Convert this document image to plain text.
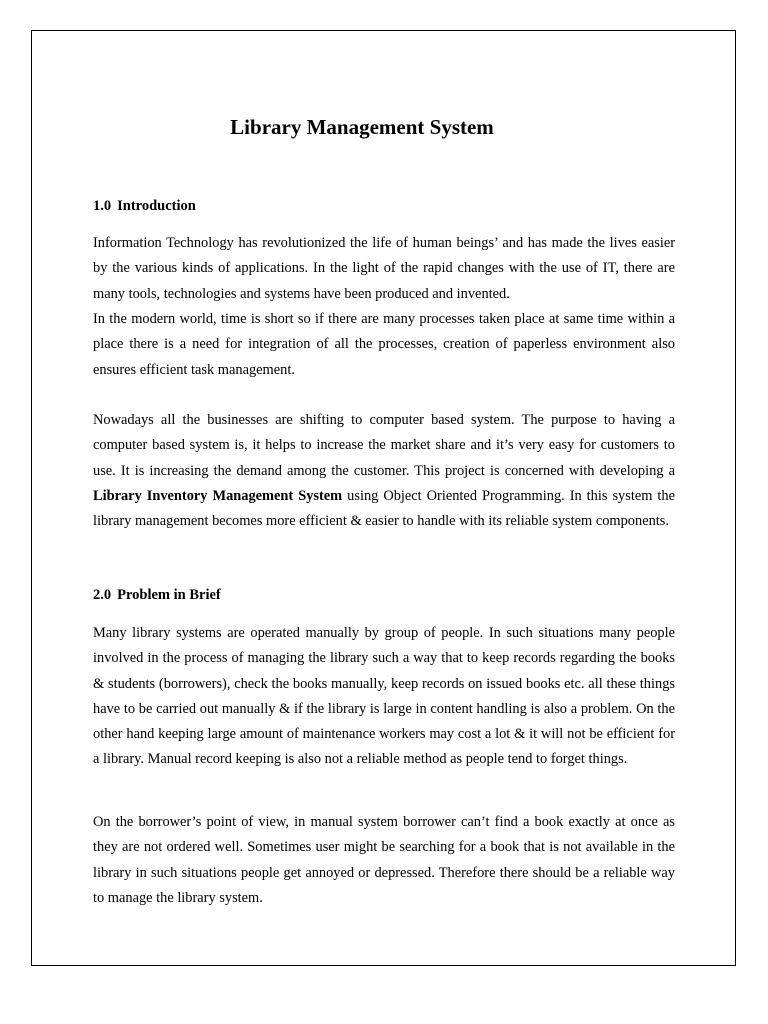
Library Management System
1.0 Introduction

Information Technology has revolutionized the life of human beings’ and has made the lives easier by the various kinds of applications. In the light of the rapid changes with the use of IT, there are many tools, technologies and systems have been produced and invented.

In the modern world, time is short so if there are many processes taken place at same time within a place there is a need for integration of all the processes, creation of paperless environment also ensures efficient task management.

Nowadays all the businesses are shifting to computer based system. The purpose to having a computer based system is, it helps to increase the market share and it’s very easy for customers to use. It is increasing the demand among the customer. This project is concerned with developing a Library Inventory Management System using Object Oriented Programming. In this system the library management becomes more efficient & easier to handle with its reliable system components.

2.0 Problem in Brief

Many library systems are operated manually by group of people. In such situations many people involved in the process of managing the library such a way that to keep records regarding the books & students (borrowers), check the books manually, keep records on issued books etc. all these things have to be carried out manually & if the library is large in content handling is also a problem. On the other hand keeping large amount of maintenance workers may cost a lot & it will not be efficient for a library. Manual record keeping is also not a reliable method as people tend to forget things.

On the borrower’s point of view, in manual system borrower can’t find a book exactly at once as they are not ordered well. Sometimes user might be searching for a book that is not available in the library in such situations people get annoyed or depressed. Therefore there should be a reliable way to manage the library system.
